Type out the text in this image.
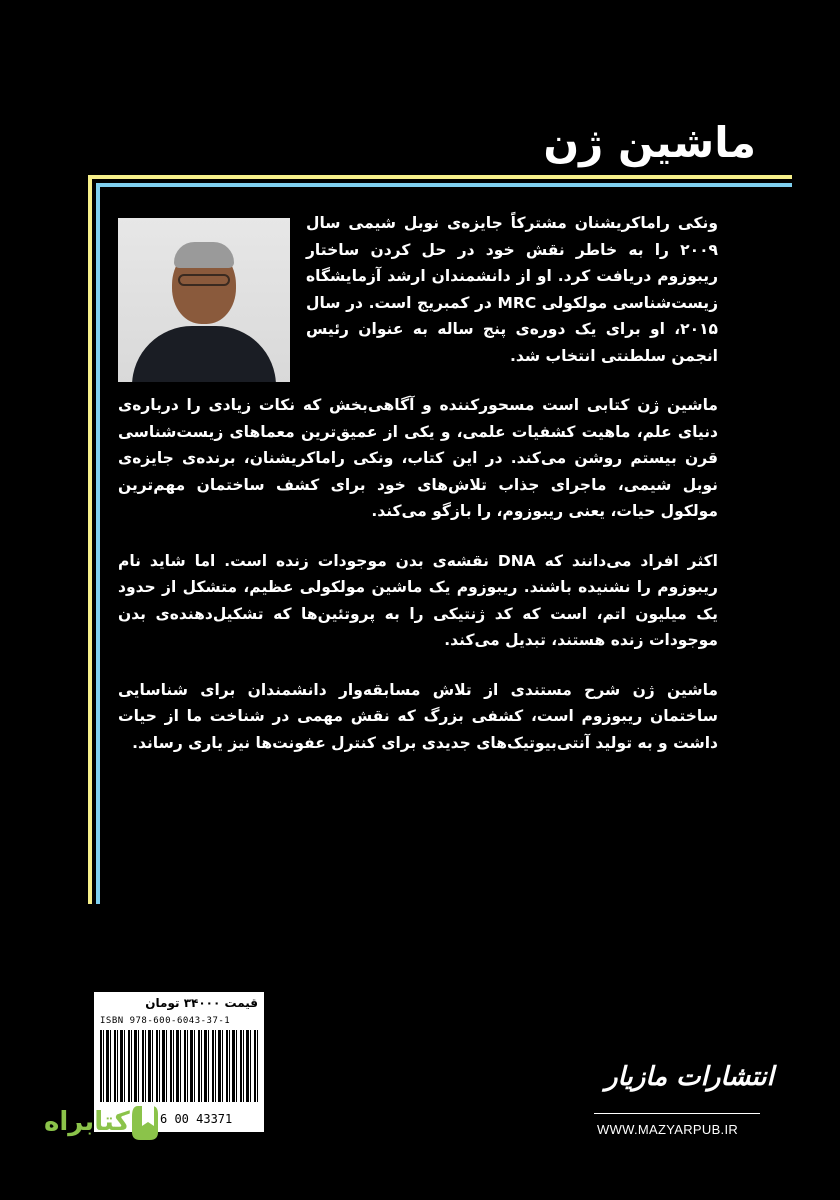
ماشین ژن

ونکی راماکریشنان مشترکاً جایزه‌ی نوبل شیمی سال ۲۰۰۹ را به خاطر نقش خود در حل کردن ساختار ریبوزوم دریافت کرد. او از دانشمندان ارشد آزمایشگاه زیست‌شناسی مولکولی MRC در کمبریج است. در سال ۲۰۱۵، او برای یک دوره‌ی پنج ساله به عنوان رئیس انجمن سلطنتی انتخاب شد.

ماشین ژن کتابی است مسحورکننده و آگاهی‌بخش که نکات زیادی را درباره‌ی دنیای علم، ماهیت کشفیات علمی، و یکی از عمیق‌ترین معماهای زیست‌شناسی قرن بیستم روشن می‌کند. در این کتاب، ونکی راماکریشنان، برنده‌ی جایزه‌ی نوبل شیمی، ماجرای جذاب تلاش‌های خود برای کشف ساختمان مهم‌ترین مولکول حیات، یعنی ریبوزوم، را بازگو می‌کند.

اکثر افراد می‌دانند که DNA نقشه‌ی بدن موجودات زنده است. اما شاید نام ریبوزوم را نشنیده باشند. ریبوزوم یک ماشین مولکولی عظیم، متشکل از حدود یک میلیون اتم، است که کد ژنتیکی را به پروتئین‌ها که تشکیل‌دهنده‌ی بدن موجودات زنده هستند، تبدیل می‌کند.

ماشین ژن شرح مستندی از تلاش مسابقه‌وار دانشمندان برای شناسایی ساختمان ریبوزوم است، کشفی بزرگ که نقش مهمی در شناخت ما از حیات داشت و به تولید آنتی‌بیوتیک‌های جدیدی برای کنترل عفونت‌ها نیز یاری رساند.

قیمت ۳۴۰۰۰ تومان
ISBN 978-600-6043-37-1
6 00 43371
انتشارات مازیار
WWW.MAZYARPUB.IR
کتابراه
